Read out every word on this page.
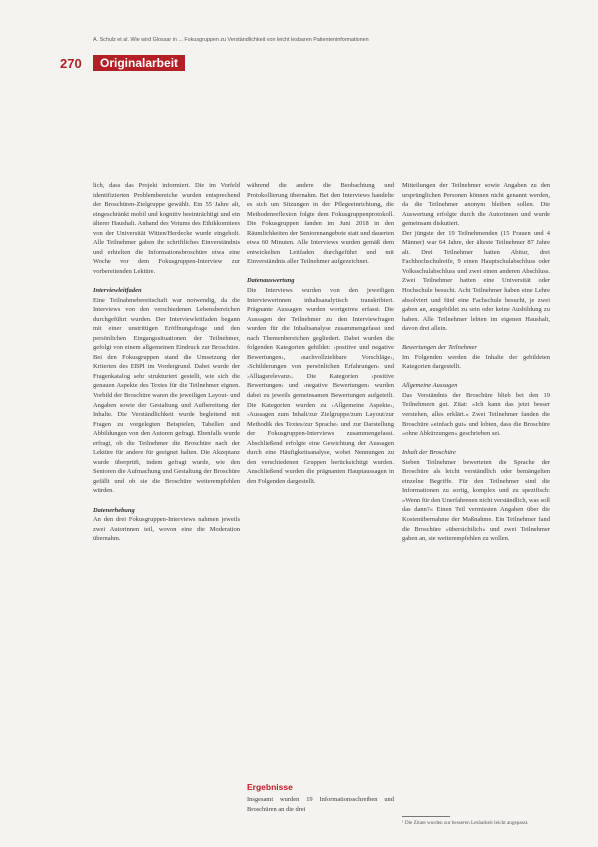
A. Schulz et al. Wie wird Glossar in ... Fokusgruppen zu Verständlichkeit von leicht lesbaren Patienteninformationen
270	Originalarbeit

lich, dass das Projekt informiert. Die im Vorfeld identifizierten Problembereiche wurden entsprechend der Broschüren-Zielgruppe gewählt. Ein 55 Jahre alt, eingeschränkt mobil und kognitiv beeinträchtigt und ein älterer Haushalt. Anhand des Votums des Ethikkomitees von der Universität Witten/Herdecke wurde eingeholt. Alle Teilnehmer gaben ihr schriftliches Einverständnis und erhielten die Informationsbroschüre etwa eine Woche vor dem Fokusgruppen-Interview zur vorbereitenden Lektüre.

Interviewleitfaden

Eine Teilnahmebereitschaft war notwendig, da die Interviews von den verschiedenen Lebensbereichen durchgeführt wurden. Der Interviewleitfaden begann mit einer unstrittigen Eröffnungsfrage und den persönlichen Eingangssituationen der Teilnehmer, gefolgt von einem allgemeinen Eindruck zur Broschüre. Bei den Fokusgruppen stand die Umsetzung der Kriterien des EBPI im Vordergrund. Dabei wurde der Fragenkatalog sehr strukturiert gestellt, wie sich die genauen Aspekte des Textes für die Teilnehmer eignen. Vorbild der Broschüre waren die jeweiligen Layout- und Angaben sowie der Gestaltung und Aufbereitung der Inhalte. Die Verständlichkeit wurde begleitend mit Fragen zu vorgelegten Beispielen, Tabellen und Abbildungen von den Autoren gefragt. Ebenfalls wurde erfragt, ob die Teilnehmer die Broschüre nach der Lektüre für andere für geeignet halten. Die Akzeptanz wurde überprüft, indem gefragt wurde, wie den Senioren die Aufmachung und Gestaltung der Broschüre gefällt und ob sie die Broschüre weiterempfehlen würden.

Datenerhebung

An den drei Fokusgruppen-Interviews nahmen jeweils zwei Autorinnen teil, wovon eine die Moderation übernahm.

während die andere die Beobachtung und Protokollierung übernahm. Bei den Interviews handelte es sich um Sitzungen in der Pflegeeinrichtung, die Methodenreflexion folgte dem Fokusgruppenprotokoll. Die Fokusgruppen fanden im Juni 2018 in den Räumlichkeiten der Seniorenangebote statt und dauerten etwa 60 Minuten. Alle Interviews wurden gemäß dem entwickelten Leitfaden durchgeführt und mit Einverständnis aller Teilnehmer aufgezeichnet.

Datenauswertung

Die Interviews wurden von den jeweiligen Interviewerinnen inhaltsanalytisch transkribiert. Prägnante Aussagen wurden wortgetreu erfasst. Die Aussagen der Teilnehmer zu den Interviewfragen wurden für die Inhaltsanalyse zusammengefasst und nach Themenbereichen gegliedert. Dabei wurden die folgenden Kategorien gebildet: ›positive und negative Bewertungen‹, ›nachvollziehbare Vorschläge‹, ›Schilderungen von persönlichen Erfahrungen‹ und ›Alltagsrelevanz‹. Die Kategorien ›positive Bewertungen‹ und ›negative Bewertungen‹ wurden dabei zu jeweils gemeinsamen Bewertungen aufgeteilt. Die Kategorien wurden zu ›Allgemeine Aspekte‹, ›Aussagen zum Inhalt/zur Zielgruppe/zum Layout/zur Methodik des Textes/zur Sprache‹ und zur Darstellung der Fokusgruppen-Interviews zusammengefasst. Abschließend erfolgte eine Gewichtung der Aussagen durch eine Häufigkeitsanalyse, wobei Nennungen zu den verschiedenen Gruppen berücksichtigt wurden. Anschließend wurden die prägnanten Hauptaussagen in den Folgenden dargestellt.

Mitteilungen der Teilnehmer sowie Angaben zu den ursprünglichen Personen können nicht genannt werden, da die Teilnehmer anonym bleiben sollen. Die Auswertung erfolgte durch die Autorinnen und wurde gemeinsam diskutiert.

Der jüngste der 19 Teilnehmenden (15 Frauen und 4 Männer) war 64 Jahre, der älteste Teilnehmer 87 Jahre alt. Drei Teilnehmer hatten Abitur, drei Fachhochschulreife, 9 einen Hauptschulabschluss oder Volksschulabschluss und zwei einen anderen Abschluss. Zwei Teilnehmer hatten eine Universität oder Hochschule besucht. Acht Teilnehmer haben eine Lehre absolviert und fünf eine Fachschule besucht, je zwei gaben an, ausgebildet zu sein oder keine Ausbildung zu haben. Alle Teilnehmer lebten im eigenen Haushalt, davon drei allein.

Bewertungen der Teilnehmer

Im Folgenden werden die Inhalte der gebildeten Kategorien dargestellt.

Allgemeine Aussagen

Das Verständnis der Broschüre blieb bei den 19 Teilnehmern gut. Zitat: »Ich kann das jetzt besser verstehen, alles erklärt.« Zwei Teilnehmer fanden die Broschüre »einfach gut« und lobten, dass die Broschüre »ohne Abkürzungen« geschrieben sei.

Inhalt der Broschüre

Sieben Teilnehmer bewerteten die Sprache der Broschüre als leicht verständlich oder bemängelten einzelne Begriffe. Für den Teilnehmer sind die Informationen zu sortig, komplex und zu spezifisch: »Wenn für den Unerfahrenen nicht verständlich, was soll das dann?« Einen Teil vermissten Angaben über die Kostenübernahme der Maßnahme. Ein Teilnehmer fand die Broschüre »übersichtlich« und zwei Teilnehmer gaben an, sie weiterempfehlen zu wollen.

Ergebnisse
Insgesamt wurden 19 Informationsschreiben und Broschüren an die drei
¹ Die Zitate wurden zur besseren Lesbarkeit leicht angepasst.
